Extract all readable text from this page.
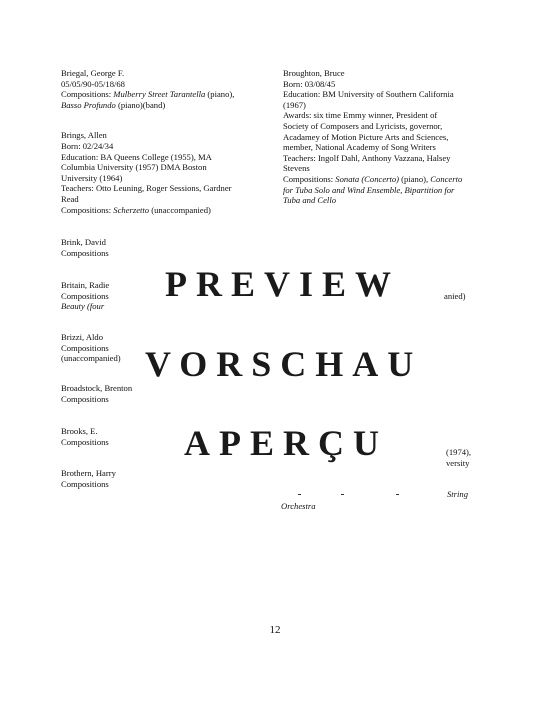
Briegal, George F.
05/05/90-05/18/68
Compositions: Mulberry Street Tarantella (piano),
Basso Profundo (piano)(band)
Brings, Allen
Born: 02/24/34
Education: BA Queens College (1955), MA
Columbia University (1957) DMA Boston
University (1964)
Teachers: Otto Leuning, Roger Sessions, Gardner
Read
Compositions: Scherzetto (unaccompanied)
Brink, David
Compositions
Britain, Radie
Compositions
Beauty (four
Brizzi, Aldo
Compositions
(unaccompanied)
Broadstock, Brenton
Compositions
Brooks, E.
Compositions
Brothern, Harry
Compositions
Broughton, Bruce
Born: 03/08/45
Education: BM University of Southern California
(1967)
Awards: six time Emmy winner, President of
Society of Composers and Lyricists, governor,
Acadamey of Motion Picture Arts and Sciences,
member, National Academy of Song Writers
Teachers: Ingolf Dahl, Anthony Vazzana, Halsey
Stevens
Compositions: Sonata (Concerto) (piano), Concerto
for Tuba Solo and Wind Ensemble, Bipartition for
Tuba and Cello
anied)
(1974),
versity
String
Orchestra
PREVIEW
VORSCHAU
APERÇU
12
